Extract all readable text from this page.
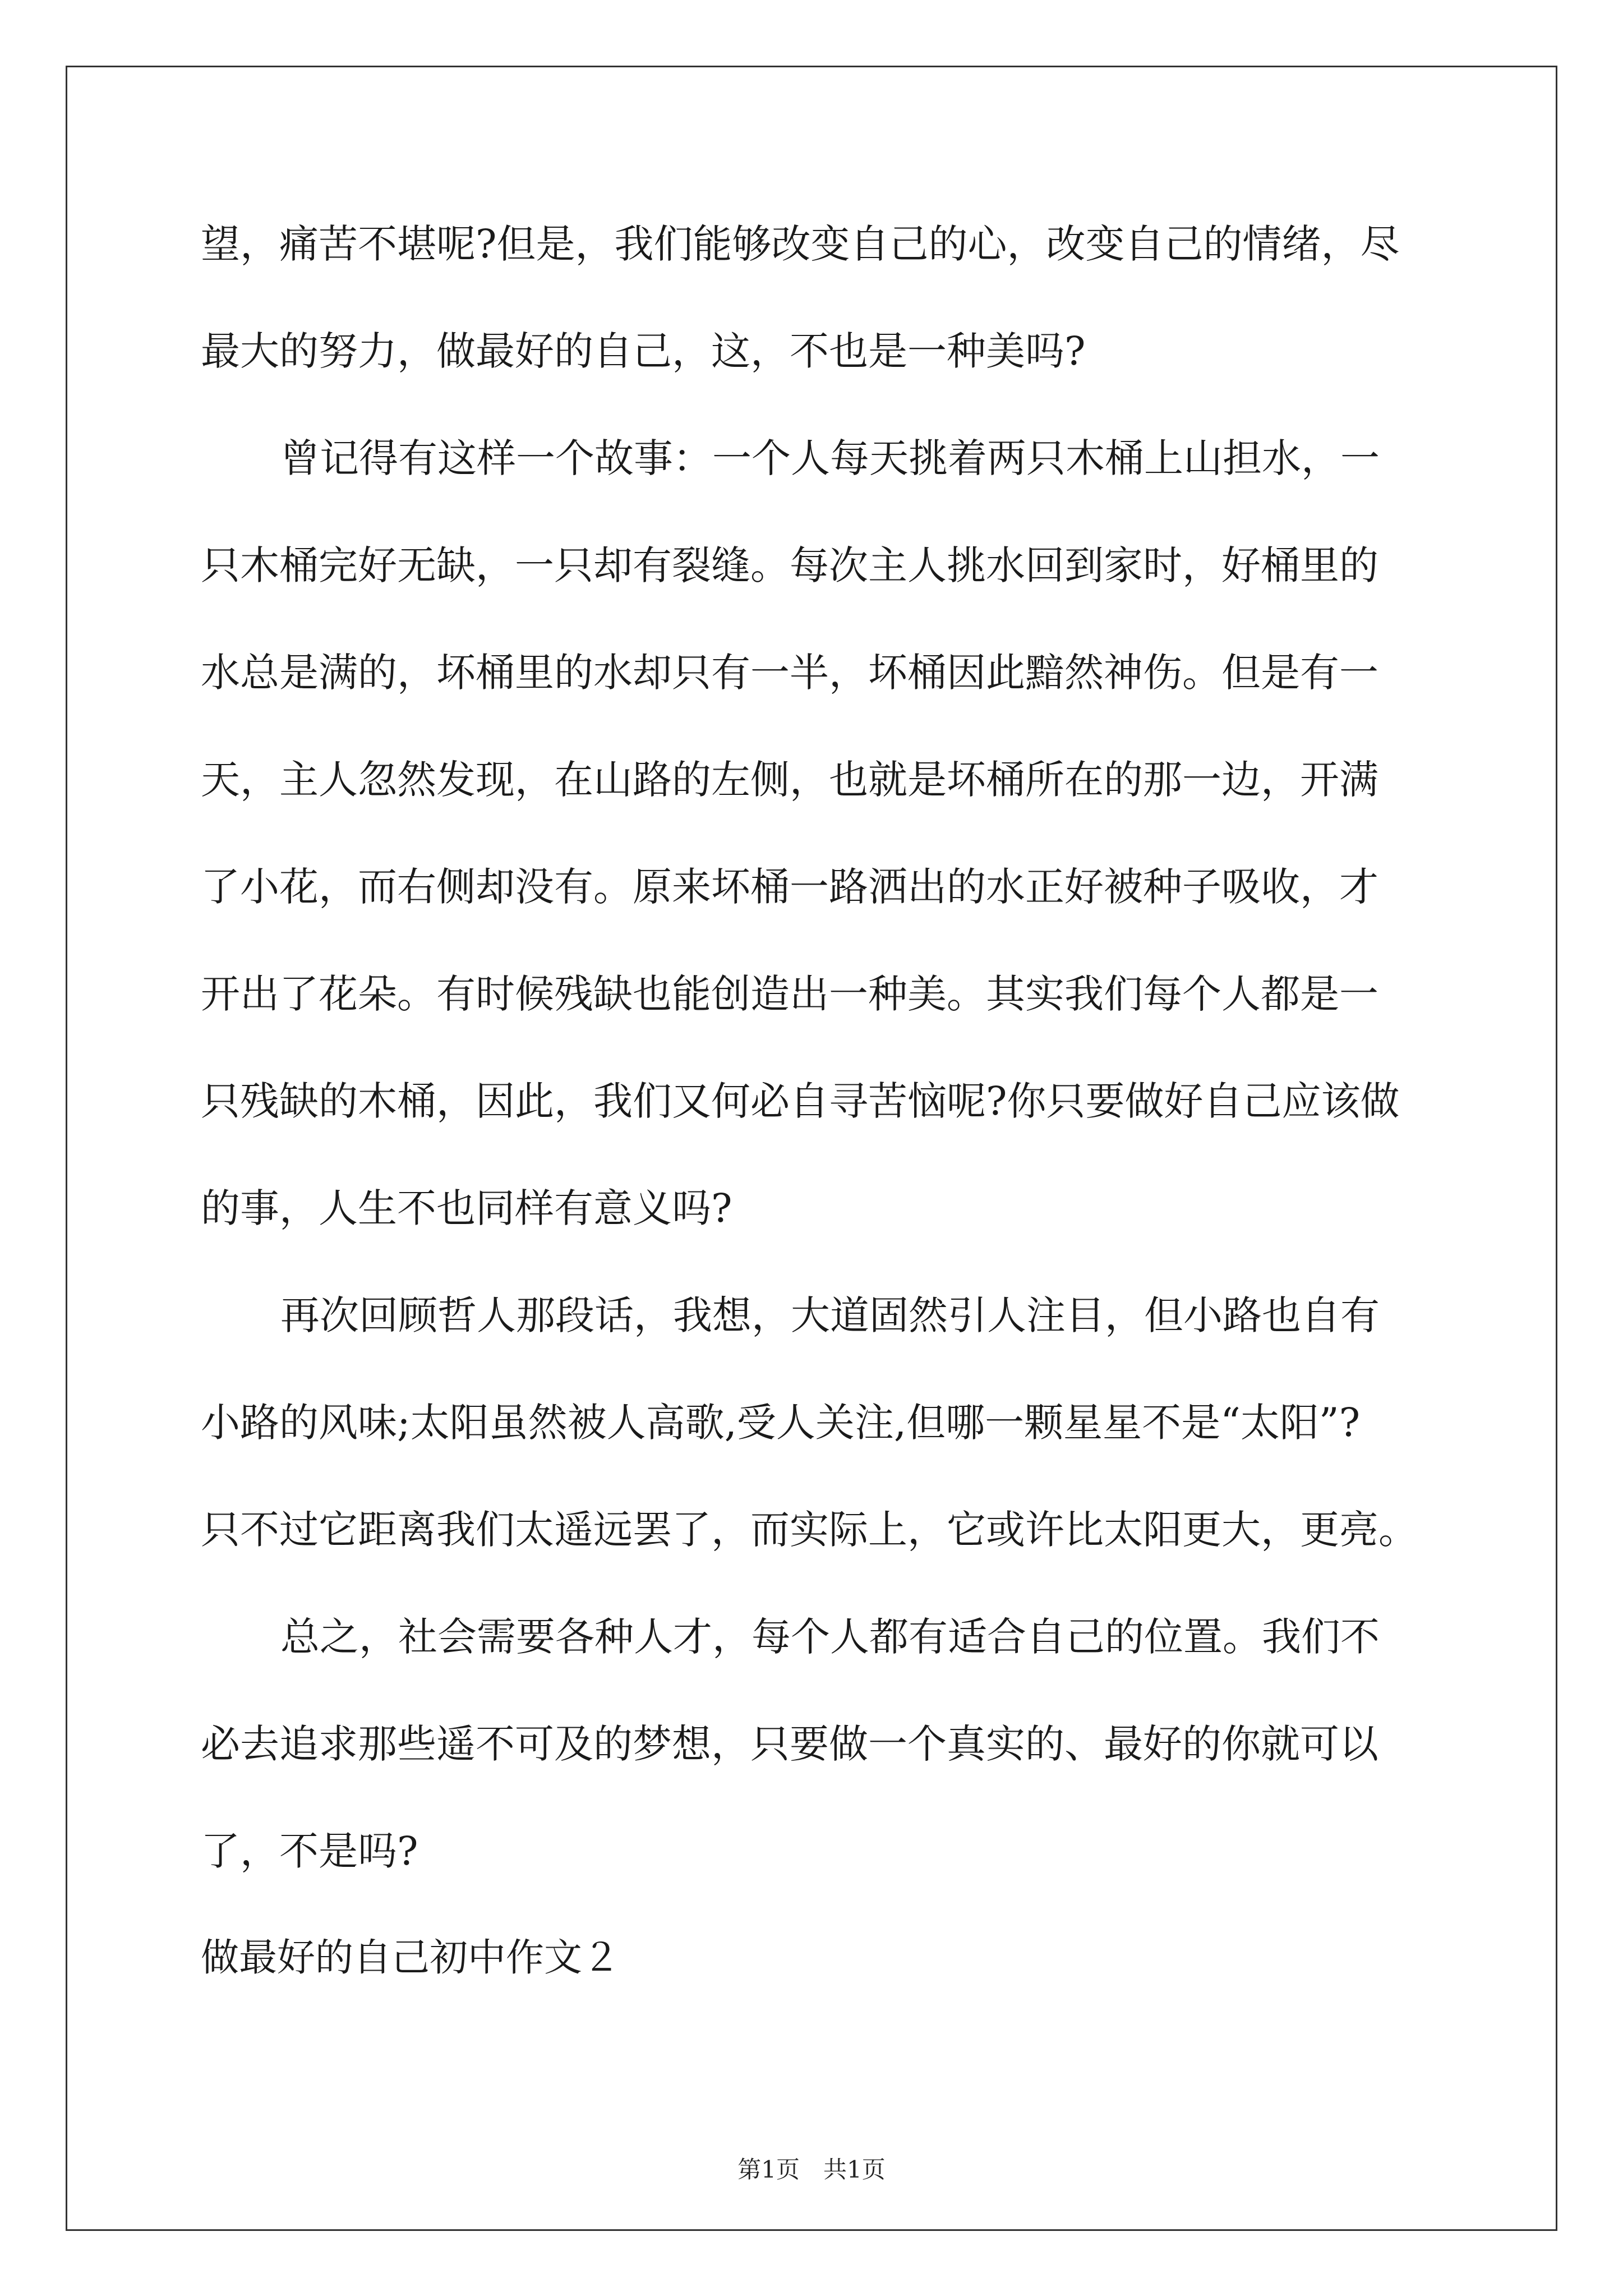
望，痛苦不堪呢?但是，我们能够改变自己的心，改变自己的情绪，尽
最大的努力，做最好的自己，这，不也是一种美吗?
曾记得有这样一个故事：一个人每天挑着两只木桶上山担水，一
只木桶完好无缺，一只却有裂缝。每次主人挑水回到家时，好桶里的
水总是满的，坏桶里的水却只有一半，坏桶因此黯然神伤。但是有一
天，主人忽然发现，在山路的左侧，也就是坏桶所在的那一边，开满
了小花，而右侧却没有。原来坏桶一路洒出的水正好被种子吸收，才
开出了花朵。有时候残缺也能创造出一种美。其实我们每个人都是一
只残缺的木桶，因此，我们又何必自寻苦恼呢?你只要做好自己应该做
的事，人生不也同样有意义吗?
再次回顾哲人那段话，我想，大道固然引人注目，但小路也自有
小路的风味;太阳虽然被人高歌,受人关注,但哪一颗星星不是“太阳”?
只不过它距离我们太遥远罢了，而实际上，它或许比太阳更大，更亮。
总之，社会需要各种人才，每个人都有适合自己的位置。我们不
必去追求那些遥不可及的梦想，只要做一个真实的、最好的你就可以
了，不是吗?
做最好的自己初中作文２
第1页　共1页
